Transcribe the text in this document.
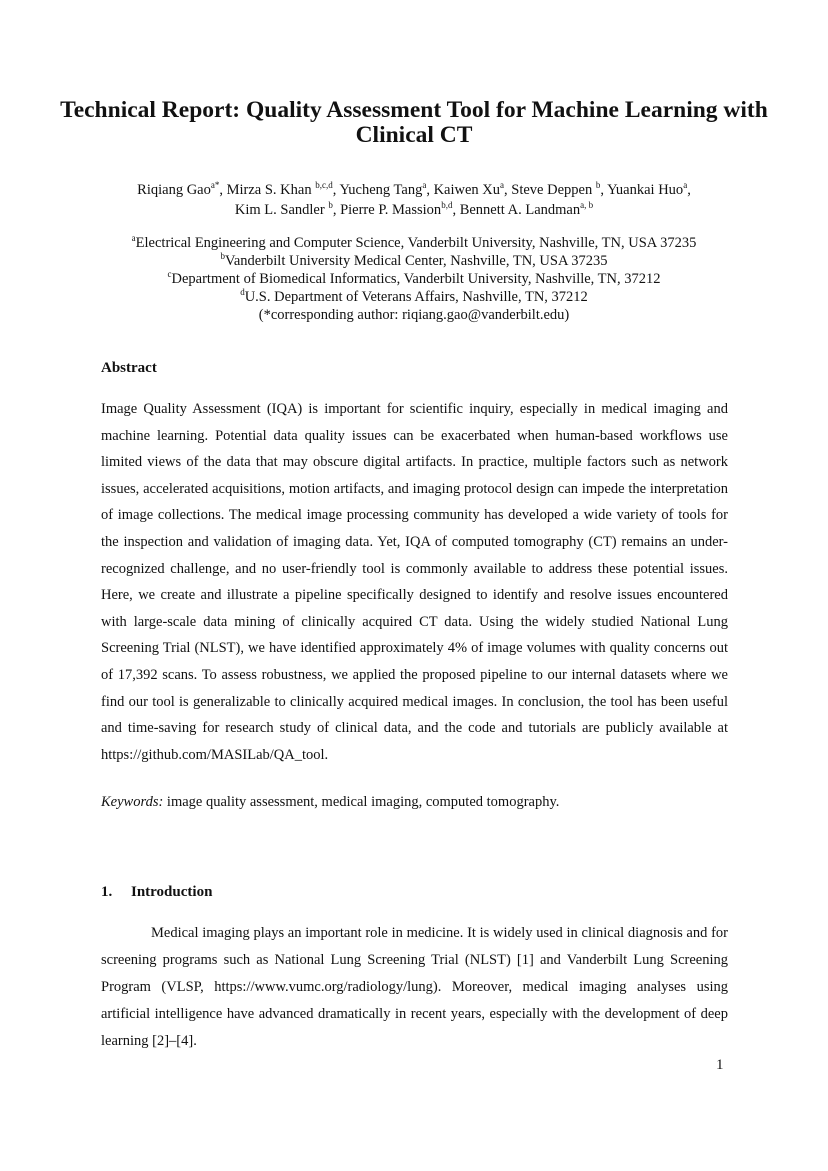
Technical Report: Quality Assessment Tool for Machine Learning with Clinical CT
Riqiang Gao$^{a*}$, Mirza S. Khan $^{b,c,d}$, Yucheng Tang$^a$, Kaiwen Xu$^a$, Steve Deppen $^b$, Yuankai Huo$^a$,
Kim L. Sandler $^b$, Pierre P. Massion$^{b,d}$, Bennett A. Landman$^{a, b}$
$^a$Electrical Engineering and Computer Science, Vanderbilt University, Nashville, TN, USA 37235
$^b$Vanderbilt University Medical Center, Nashville, TN, USA 37235
$^c$Department of Biomedical Informatics, Vanderbilt University, Nashville, TN, 37212
$^d$U.S. Department of Veterans Affairs, Nashville, TN, 37212
(*corresponding author: riqiang.gao@vanderbilt.edu)
Abstract

Image Quality Assessment (IQA) is important for scientific inquiry, especially in medical imaging and machine learning. Potential data quality issues can be exacerbated when human-based workflows use limited views of the data that may obscure digital artifacts. In practice, multiple factors such as network issues, accelerated acquisitions, motion artifacts, and imaging protocol design can impede the interpretation of image collections. The medical image processing community has developed a wide variety of tools for the inspection and validation of imaging data. Yet, IQA of computed tomography (CT) remains an under-recognized challenge, and no user-friendly tool is commonly available to address these potential issues. Here, we create and illustrate a pipeline specifically designed to identify and resolve issues encountered with large-scale data mining of clinically acquired CT data. Using the widely studied National Lung Screening Trial (NLST), we have identified approximately 4% of image volumes with quality concerns out of 17,392 scans. To assess robustness, we applied the proposed pipeline to our internal datasets where we find our tool is generalizable to clinically acquired medical images. In conclusion, the tool has been useful and time-saving for research study of clinical data, and the code and tutorials are publicly available at https://github.com/MASILab/QA_tool.

Keywords: image quality assessment, medical imaging, computed tomography.

1. Introduction

Medical imaging plays an important role in medicine. It is widely used in clinical diagnosis and for screening programs such as National Lung Screening Trial (NLST) [1] and Vanderbilt Lung Screening Program (VLSP, https://www.vumc.org/radiology/lung). Moreover, medical imaging analyses using artificial intelligence have advanced dramatically in recent years, especially with the development of deep learning [2]–[4].

1
